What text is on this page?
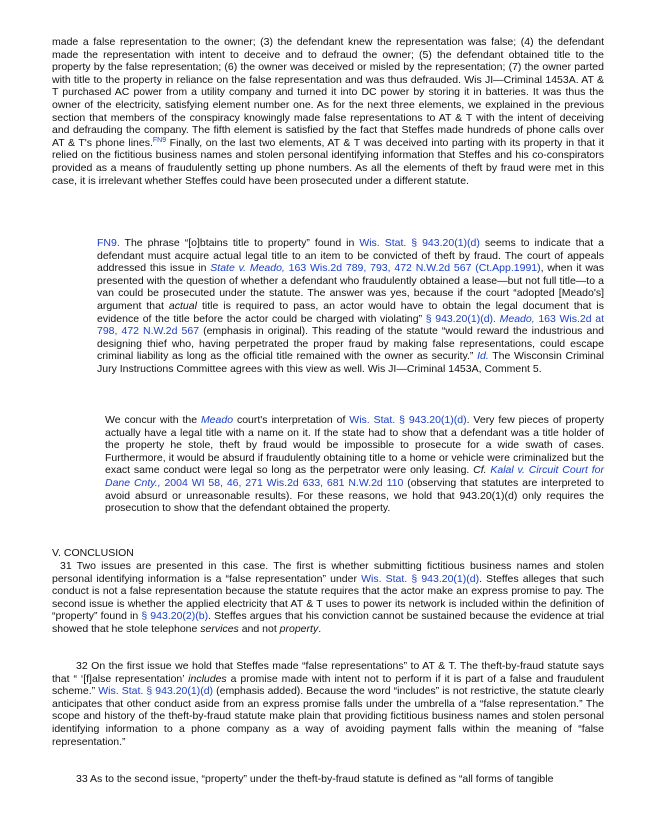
made a false representation to the owner; (3) the defendant knew the representation was false; (4) the defendant made the representation with intent to deceive and to defraud the owner; (5) the defendant obtained title to the property by the false representation; (6) the owner was deceived or misled by the representation; (7) the owner parted with title to the property in reliance on the false representation and was thus defrauded. Wis JI—Criminal 1453A. AT & T purchased AC power from a utility company and turned it into DC power by storing it in batteries. It was thus the owner of the electricity, satisfying element number one. As for the next three elements, we explained in the previous section that members of the conspiracy knowingly made false representations to AT & T with the intent of deceiving and defrauding the company. The fifth element is satisfied by the fact that Steffes made hundreds of phone calls over AT & T's phone lines.$^{FN9}$ Finally, on the last two elements, AT & T was deceived into parting with its property in that it relied on the fictitious business names and stolen personal identifying information that Steffes and his co-conspirators provided as a means of fraudulently setting up phone numbers. As all the elements of theft by fraud were met in this case, it is irrelevant whether Steffes could have been prosecuted under a different statute.

FN9. The phrase “[o]btains title to property” found in Wis. Stat. § 943.20(1)(d) seems to indicate that a defendant must acquire actual legal title to an item to be convicted of theft by fraud. The court of appeals addressed this issue in State v. Meado, 163 Wis.2d 789, 793, 472 N.W.2d 567 (Ct.App.1991), when it was presented with the question of whether a defendant who fraudulently obtained a lease—but not full title—to a van could be prosecuted under the statute. The answer was yes, because if the court “adopted [Meado's] argument that actual title is required to pass, an actor would have to obtain the legal document that is evidence of the title before the actor could be charged with violating” § 943.20(1)(d). Meado, 163 Wis.2d at 798, 472 N.W.2d 567 (emphasis in original). This reading of the statute “would reward the industrious and designing thief who, having perpetrated the proper fraud by making false representations, could escape criminal liability as long as the official title remained with the owner as security.” Id. The Wisconsin Criminal Jury Instructions Committee agrees with this view as well. Wis JI—Criminal 1453A, Comment 5.

We concur with the Meado court's interpretation of Wis. Stat. § 943.20(1)(d). Very few pieces of property actually have a legal title with a name on it. If the state had to show that a defendant was a title holder of the property he stole, theft by fraud would be impossible to prosecute for a wide swath of cases. Furthermore, it would be absurd if fraudulently obtaining title to a home or vehicle were criminalized but the exact same conduct were legal so long as the perpetrator were only leasing. Cf. Kalal v. Circuit Court for Dane Cnty., 2004 WI 58, 46, 271 Wis.2d 633, 681 N.W.2d 110 (observing that statutes are interpreted to avoid absurd or unreasonable results). For these reasons, we hold that 943.20(1)(d) only requires the prosecution to show that the defendant obtained the property.

V. CONCLUSION

31 Two issues are presented in this case. The first is whether submitting fictitious business names and stolen personal identifying information is a “false representation” under Wis. Stat. § 943.20(1)(d). Steffes alleges that such conduct is not a false representation because the statute requires that the actor make an express promise to pay. The second issue is whether the applied electricity that AT & T uses to power its network is included within the definition of “property” found in § 943.20(2)(b). Steffes argues that his conviction cannot be sustained because the evidence at trial showed that he stole telephone services and not property.

32 On the first issue we hold that Steffes made “false representations” to AT & T. The theft-by-fraud statute says that “ ‘[f]alse representation’ includes a promise made with intent not to perform if it is part of a false and fraudulent scheme.” Wis. Stat. § 943.20(1)(d) (emphasis added). Because the word “includes” is not restrictive, the statute clearly anticipates that other conduct aside from an express promise falls under the umbrella of a “false representation.” The scope and history of the theft-by-fraud statute make plain that providing fictitious business names and stolen personal identifying information to a phone company as a way of avoiding payment falls within the meaning of “false representation.”

33 As to the second issue, “property” under the theft-by-fraud statute is defined as “all forms of tangible
